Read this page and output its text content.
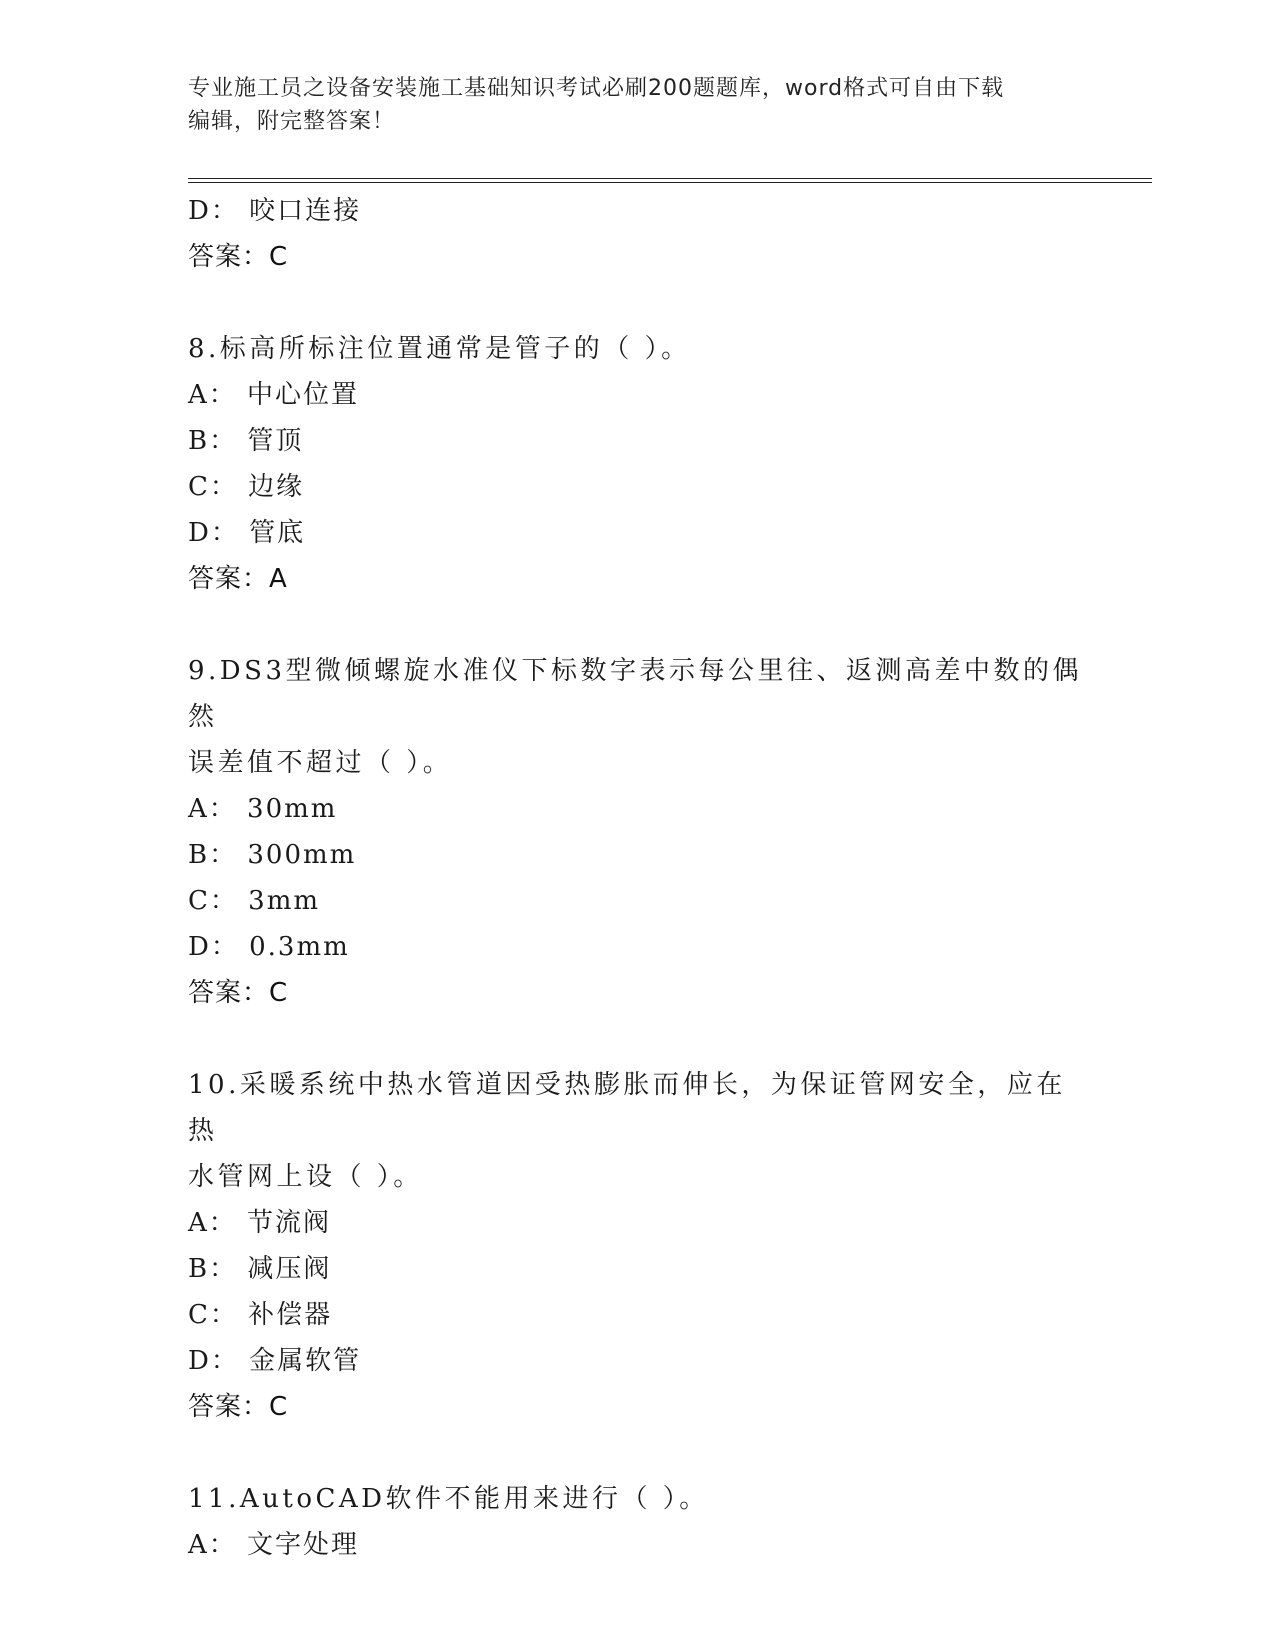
专业施工员之设备安装施工基础知识考试必刷200题题库，word格式可自由下载
编辑，附完整答案！
D： 咬口连接
答案：C
8.标高所标注位置通常是管子的（ ）。
A： 中心位置
B： 管顶
C： 边缘
D： 管底
答案：A
9.DS3型微倾螺旋水准仪下标数字表示每公里往、返测高差中数的偶然
误差值不超过（ ）。
A： 30mm
B： 300mm
C： 3mm
D： 0.3mm
答案：C
10.采暖系统中热水管道因受热膨胀而伸长，为保证管网安全，应在热
水管网上设（ ）。
A： 节流阀
B： 减压阀
C： 补偿器
D： 金属软管
答案：C
11.AutoCAD软件不能用来进行（ ）。
A： 文字处理
